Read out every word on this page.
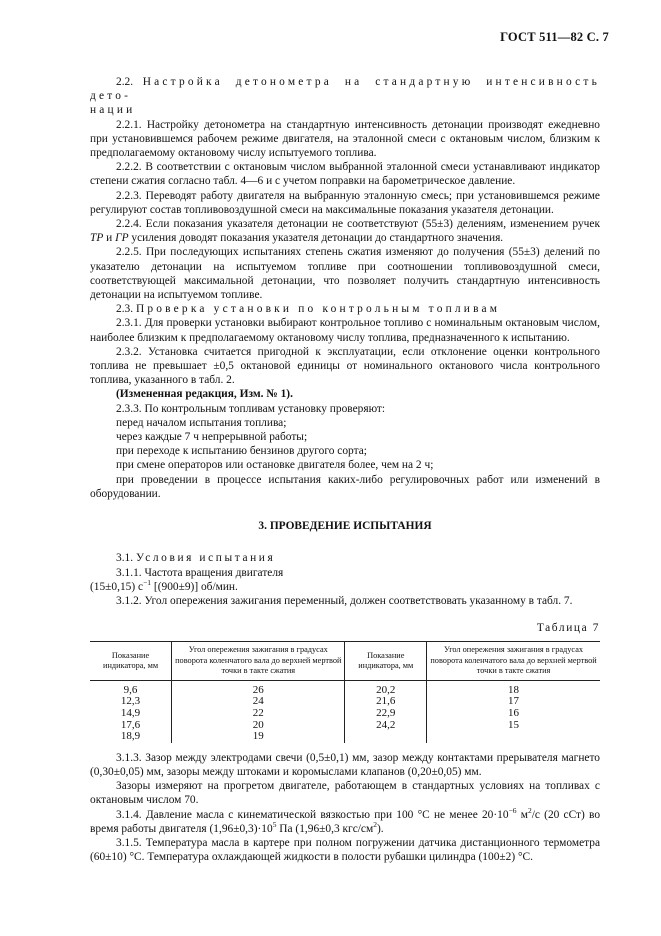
ГОСТ 511—82 С. 7

2.2. Настройка детонометра на стандартную интенсивность дето-

нации

2.2.1. Настройку детонометра на стандартную интенсивность детонации производят ежедневно при установившемся рабочем режиме двигателя, на эталонной смеси с октановым числом, близким к предполагаемому октановому числу испытуемого топлива.

2.2.2. В соответствии с октановым числом выбранной эталонной смеси устанавливают индикатор степени сжатия согласно табл. 4—6 и с учетом поправки на барометрическое давление.

2.2.3. Переводят работу двигателя на выбранную эталонную смесь; при установившемся режиме регулируют состав топливовоздушной смеси на максимальные показания указателя детонации.

2.2.4. Если показания указателя детонации не соответствуют (55±3) делениям, изменением ручек TP и ГР усиления доводят показания указателя детонации до стандартного значения.

2.2.5. При последующих испытаниях степень сжатия изменяют до получения (55±3) делений по указателю детонации на испытуемом топливе при соотношении топливовоздушной смеси, соответствующей максимальной детонации, что позволяет получить стандартную интенсивность детонации на испытуемом топливе.

2.3. Проверка установки по контрольным топливам

2.3.1. Для проверки установки выбирают контрольное топливо с номинальным октановым числом, наиболее близким к предполагаемому октановому числу топлива, предназначенного к испытанию.

2.3.2. Установка считается пригодной к эксплуатации, если отклонение оценки контрольного топлива не превышает ±0,5 октановой единицы от номинального октанового числа контрольного топлива, указанного в табл. 2.

(Измененная редакция, Изм. № 1).

2.3.3. По контрольным топливам установку проверяют:

перед началом испытания топлива;

через каждые 7 ч непрерывной работы;

при переходе к испытанию бензинов другого сорта;

при смене операторов или остановке двигателя более, чем на 2 ч;

при проведении в процессе испытания каких-либо регулировочных работ или изменений в оборудовании.

3. ПРОВЕДЕНИЕ ИСПЫТАНИЯ

3.1. Условия испытания

3.1.1. Частота вращения двигателя

(15±0,15) $с^{-1}$ [(900±9)] об/мин.

3.1.2. Угол опережения зажигания переменный, должен соответствовать указанному в табл. 7.

Таблица 7

Показание индикатора, мм	Угол опережения зажигания в градусах поворота коленчатого вала до верхней мертвой точки в такте сжатия	Показание индикатора, мм	Угол опережения зажигания в градусах поворота коленчатого вала до верхней мертвой точки в такте сжатия
9,6	26	20,2	18
12,3	24	21,6	17
14,9	22	22,9	16
17,6	20	24,2	15
18,9	19		

3.1.3. Зазор между электродами свечи (0,5±0,1) мм, зазор между контактами прерывателя магнето (0,30±0,05) мм, зазоры между штоками и коромыслами клапанов (0,20±0,05) мм.

Зазоры измеряют на прогретом двигателе, работающем в стандартных условиях на топливах с октановым числом 70.

3.1.4. Давление масла с кинематической вязкостью при 100 °С не менее $20\cdot 10^{-6}$ $м^2/с$ (20 сСт) во время работы двигателя $(1,96\pm 0,3)\cdot 10^5$ Па (1,96±0,3 кгс/$см^2$).

3.1.5. Температура масла в картере при полном погружении датчика дистанционного термометра (60±10) °С. Температура охлаждающей жидкости в полости рубашки цилиндра (100±2) °С.
